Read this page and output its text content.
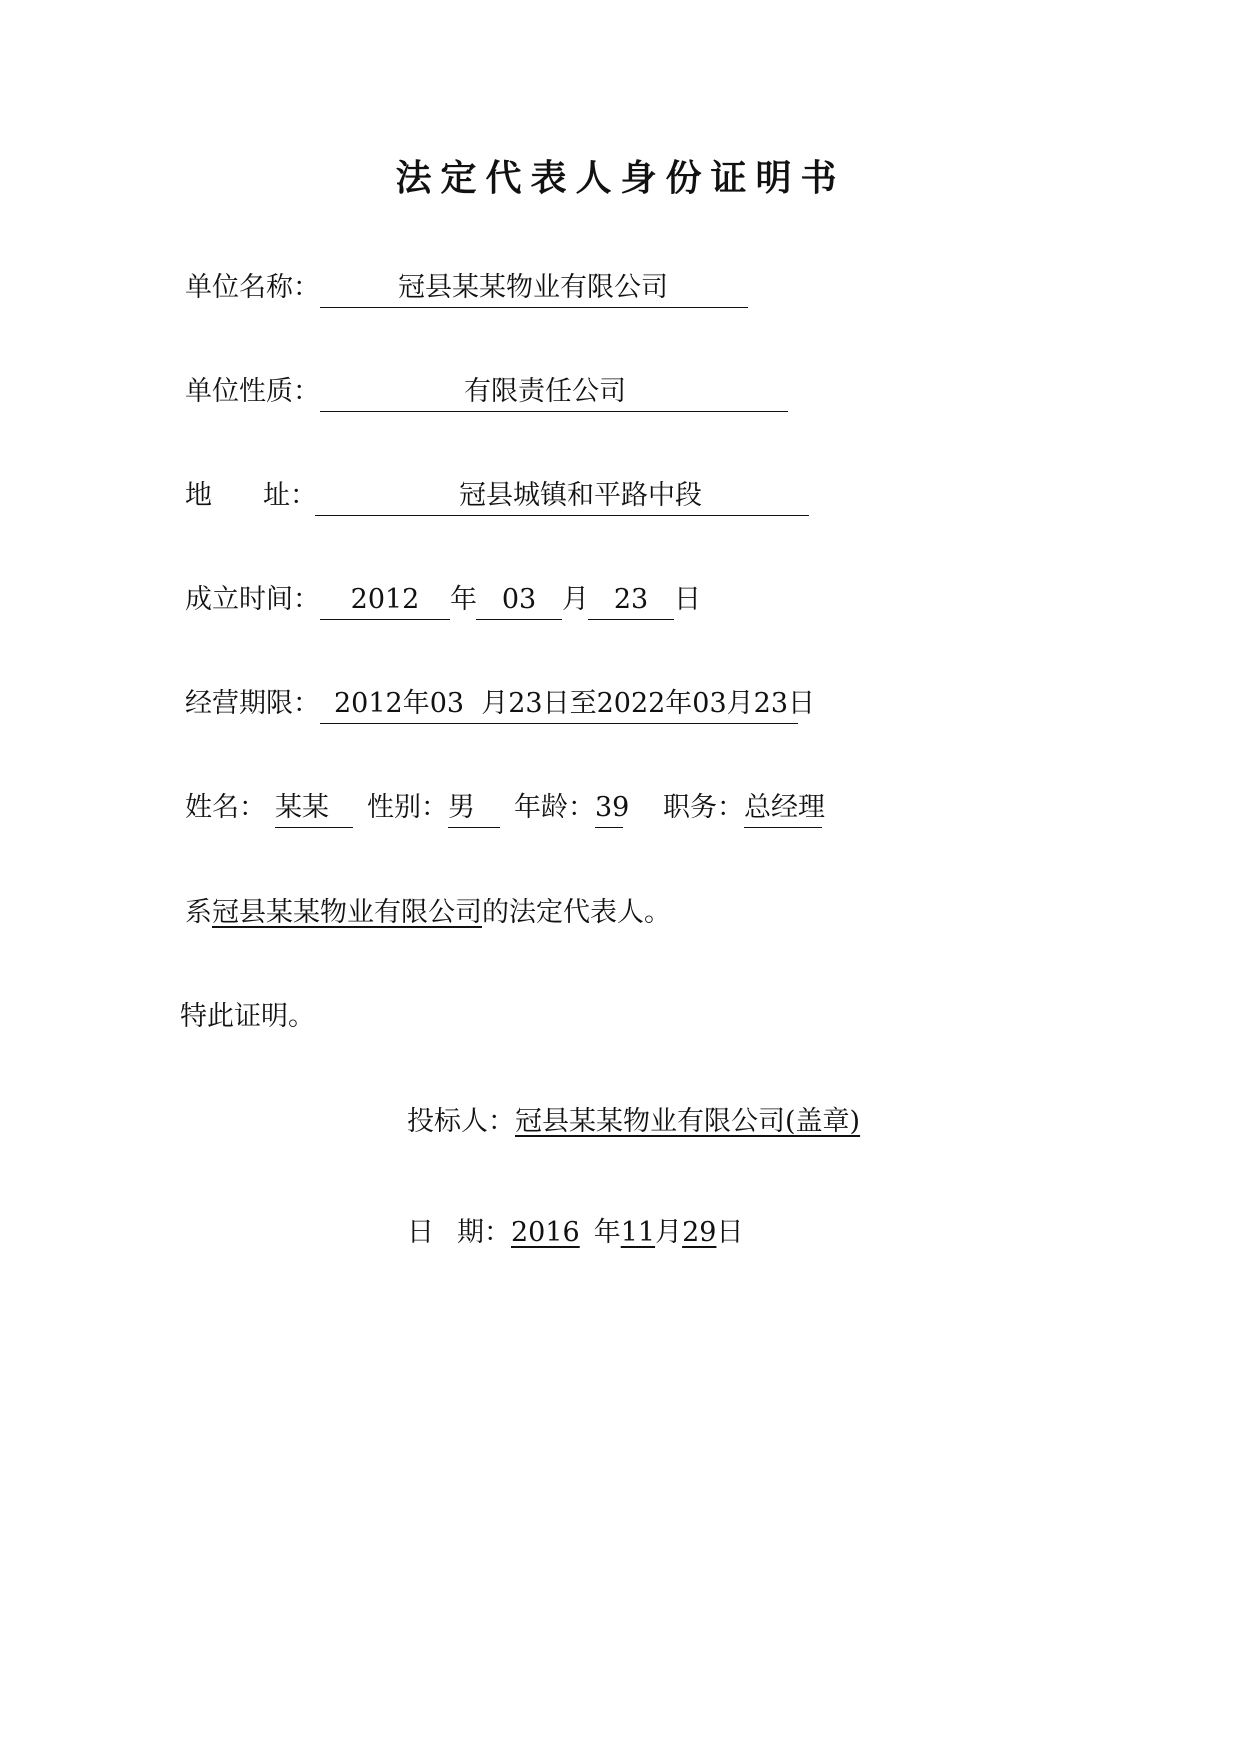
法定代表人身份证明书
单位名称：	冠县某某物业有限公司
单位性质：	有限责任公司
地	址：	冠县城镇和平路中段
成立时间：	2012	年 03 月 23 日
经营期限： 2012年03  月23日至2022年03月23日
姓名： 某某	性别： 男	年龄： 39 职务： 总经理
系 冠县某某物业有限公司 的法定代表人。
特此证明。
投标人： 冠县某某物业有限公司(盖章)
日 期： 2016 年 11 月 29 日
